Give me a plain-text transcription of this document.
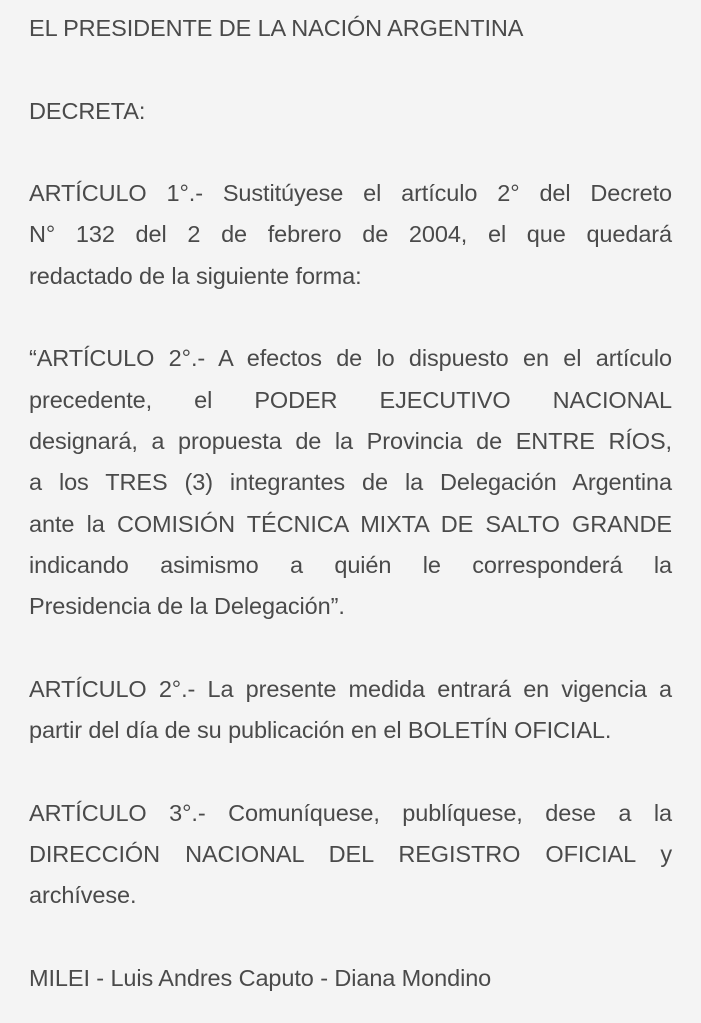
EL PRESIDENTE DE LA NACIÓN ARGENTINA
DECRETA:
ARTÍCULO 1°.- Sustitúyese el artículo 2° del Decreto
N° 132 del 2 de febrero de 2004, el que quedará
redactado de la siguiente forma:
“ARTÍCULO 2°.- A efectos de lo dispuesto en el artículo
precedente, el PODER EJECUTIVO NACIONAL
designará, a propuesta de la Provincia de ENTRE RÍOS,
a los TRES (3) integrantes de la Delegación Argentina
ante la COMISIÓN TÉCNICA MIXTA DE SALTO GRANDE
indicando asimismo a quién le corresponderá la
Presidencia de la Delegación”.
ARTÍCULO 2°.- La presente medida entrará en vigencia a
partir del día de su publicación en el BOLETÍN OFICIAL.
ARTÍCULO 3°.- Comuníquese, publíquese, dese a la
DIRECCIÓN NACIONAL DEL REGISTRO OFICIAL y
archívese.
MILEI - Luis Andres Caputo - Diana Mondino
